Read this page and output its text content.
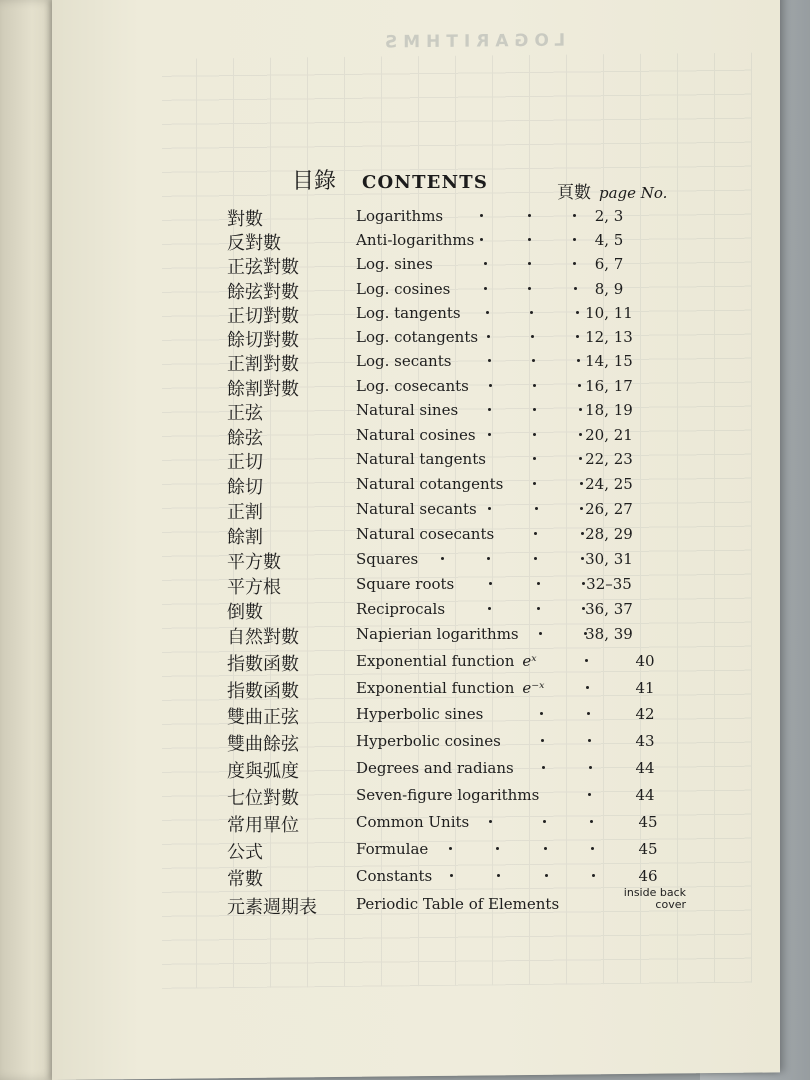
LOGARITHMS
目錄 CONTENTS	頁數 page No.
對數	Logarithms	2, 3
反對數	Anti-logarithms	4, 5
正弦對數	Log. sines	6, 7
餘弦對數	Log. cosines	8, 9
正切對數	Log. tangents	10, 11
餘切對數	Log. cotangents	12, 13
正割對數	Log. secants	14, 15
餘割對數	Log. cosecants	16, 17
正弦	Natural sines	18, 19
餘弦	Natural cosines	20, 21
正切	Natural tangents	22, 23
餘切	Natural cotangents	24, 25
正割	Natural secants	26, 27
餘割	Natural cosecants	28, 29
平方數	Squares	30, 31
平方根	Square roots	32–35
倒數	Reciprocals	36, 37
自然對數	Napierian logarithms	38, 39
指數函數	Exponential function eˣ	40
指數函數	Exponential function e⁻ˣ	41
雙曲正弦	Hyperbolic sines	42
雙曲餘弦	Hyperbolic cosines	43
度與弧度	Degrees and radians	44
七位對數	Seven-figure logarithms	44
常用單位	Common Units	45
公式	Formulae	45
常數	Constants	46
元素週期表	Periodic Table of Elements
inside back
cover
